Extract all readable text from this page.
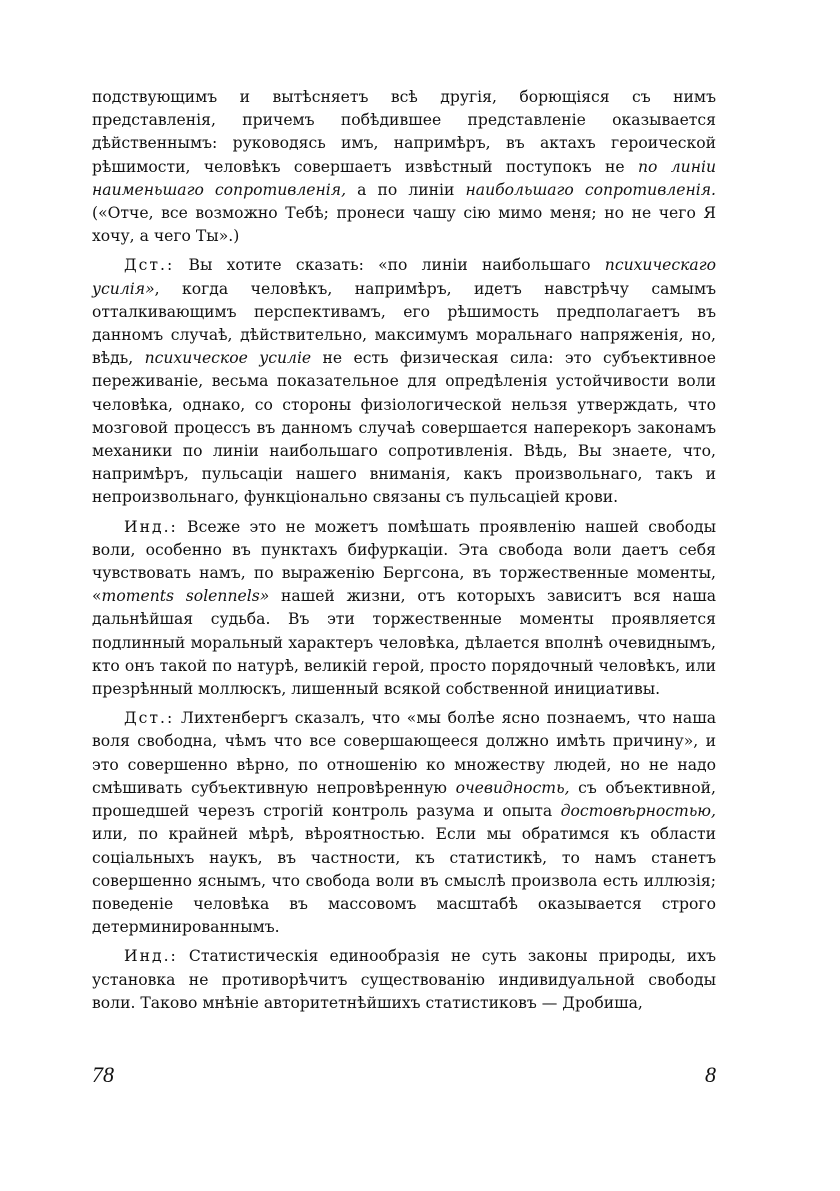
подствующимъ и вытѣсняетъ всѣ другія, борющіяся съ нимъ представленія, причемъ побѣдившее представленіе оказывается дѣйственнымъ: руководясь имъ, напримѣръ, въ актахъ героической рѣшимости, человѣкъ совершаетъ извѣстный поступокъ не по линіи наименьшаго сопротивленія, а по линіи наибольшаго сопротивленія. («Отче, все возможно Тебѣ; пронеси чашу сію мимо меня; но не чего Я хочу, а чего Ты».)

Дст.: Вы хотите сказать: «по линіи наибольшаго психическаго усилія», когда человѣкъ, напримѣръ, идетъ навстрѣчу самымъ отталкивающимъ перспективамъ, его рѣшимость предполагаетъ въ данномъ случаѣ, дѣйствительно, максимумъ моральнаго напряженія, но, вѣдь, психическое усиліе не есть физическая сила: это субъективное переживаніе, весьма показательное для опредѣленія устойчивости воли человѣка, однако, со стороны физіологической нельзя утверждать, что мозговой процессъ въ данномъ случаѣ совершается наперекоръ законамъ механики по линіи наибольшаго сопротивленія. Вѣдь, Вы знаете, что, напримѣръ, пульсаціи нашего вниманія, какъ произвольнаго, такъ и непроизвольнаго, функціонально связаны съ пульсаціей крови.

Инд.: Всеже это не можетъ помѣшать проявленію нашей свободы воли, особенно въ пунктахъ бифуркаціи. Эта свобода воли даетъ себя чувствовать намъ, по выраженію Бергсона, въ торжественные моменты, «moments solennels» нашей жизни, отъ которыхъ зависитъ вся наша дальнѣйшая судьба. Въ эти торжественные моменты проявляется подлинный моральный характеръ человѣка, дѣлается вполнѣ очевиднымъ, кто онъ такой по натурѣ, великій герой, просто порядочный человѣкъ, или презрѣнный моллюскъ, лишенный всякой собственной инициативы.

Дст.: Лихтенбергъ сказалъ, что «мы болѣе ясно познаемъ, что наша воля свободна, чѣмъ что все совершающееся должно имѣть причину», и это совершенно вѣрно, по отношенію ко множеству людей, но не надо смѣшивать субъективную непровѣренную очевидность, съ объективной, прошедшей черезъ строгій контроль разума и опыта достовѣрностью, или, по крайней мѣрѣ, вѣроятностью. Если мы обратимся къ области соціальныхъ наукъ, въ частности, къ статистикѣ, то намъ станетъ совершенно яснымъ, что свобода воли въ смыслѣ произвола есть иллюзія; поведеніе человѣка въ массовомъ масштабѣ оказывается строго детерминированнымъ.

Инд.: Статистическія единообразія не суть законы природы, ихъ установка не противорѣчитъ существованію индивидуальной свободы воли. Таково мнѣніе авторитетнѣйшихъ статистиковъ — Дробиша,

78	8
